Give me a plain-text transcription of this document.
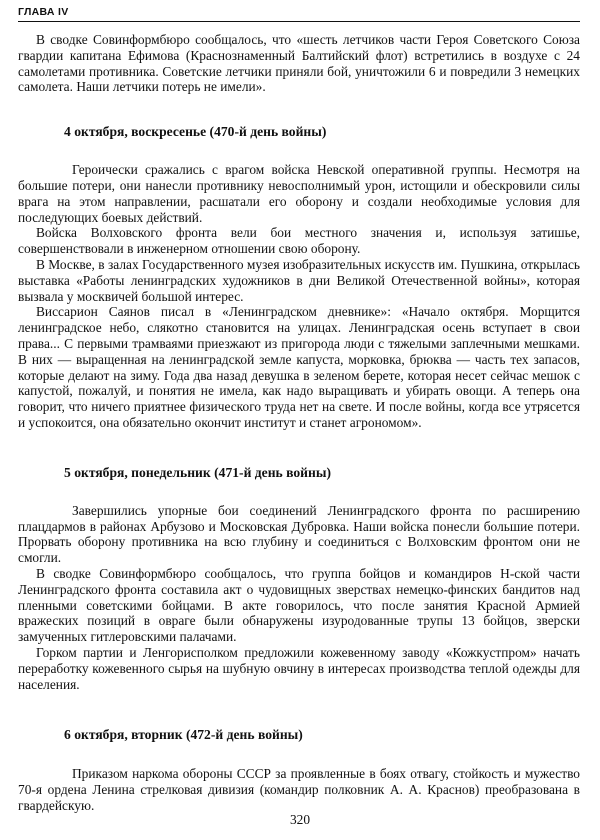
ГЛАВА IV

В сводке Совинформбюро сообщалось, что «шесть летчиков части Героя Советского Союза гвардии капитана Ефимова (Краснознаменный Балтийский флот) встретились в воздухе с 24 самолетами противника. Советские летчики приняли бой, уничтожили 6 и повредили 3 немецких самолета. Наши летчики потерь не имели».

4 октября, воскресенье (470-й день войны)

Героически сражались с врагом войска Невской оперативной группы. Несмотря на большие потери, они нанесли противнику невосполнимый урон, истощили и обескровили силы врага на этом направлении, расшатали его оборону и создали необходимые условия для последующих боевых действий.

Войска Волховского фронта вели бои местного значения и, используя затишье, совершенствовали в инженерном отношении свою оборону.

В Москве, в залах Государственного музея изобразительных искусств им. Пушкина, открылась выставка «Работы ленинградских художников в дни Великой Отечественной войны», которая вызвала у москвичей большой интерес.

Виссарион Саянов писал в «Ленинградском дневнике»: «Начало октября. Морщится ленинградское небо, слякотно становится на улицах. Ленинградская осень вступает в свои права... С первыми трамваями приезжают из пригорода люди с тяжелыми заплечными мешками. В них — выращенная на ленинградской земле капуста, морковка, брюква — часть тех запасов, которые делают на зиму. Года два назад девушка в зеленом берете, которая несет сейчас мешок с капустой, пожалуй, и понятия не имела, как надо выращивать и убирать овощи. А теперь она говорит, что ничего приятнее физического труда нет на свете. И после войны, когда все утрясется и успокоится, она обязательно окончит институт и станет агрономом».

5 октября, понедельник (471-й день войны)

Завершились упорные бои соединений Ленинградского фронта по расширению плацдармов в районах Арбузово и Московская Дубровка. Наши войска понесли большие потери. Прорвать оборону противника на всю глубину и соединиться с Волховским фронтом они не смогли.

В сводке Совинформбюро сообщалось, что группа бойцов и командиров Н-ской части Ленинградского фронта составила акт о чудовищных зверствах немецко-финских бандитов над пленными советскими бойцами. В акте говорилось, что после занятия Красной Армией вражеских позиций в овраге были обнаружены изуродованные трупы 13 бойцов, зверски замученных гитлеровскими палачами.

Горком партии и Ленгорисполком предложили кожевенному заводу «Кожкустпром» начать переработку кожевенного сырья на шубную овчину в интересах производства теплой одежды для населения.

6 октября, вторник (472-й день войны)

Приказом наркома обороны СССР за проявленные в боях отвагу, стойкость и мужество 70-я ордена Ленина стрелковая дивизия (командир полковник А. А. Краснов) преобразована в гвардейскую.

320
